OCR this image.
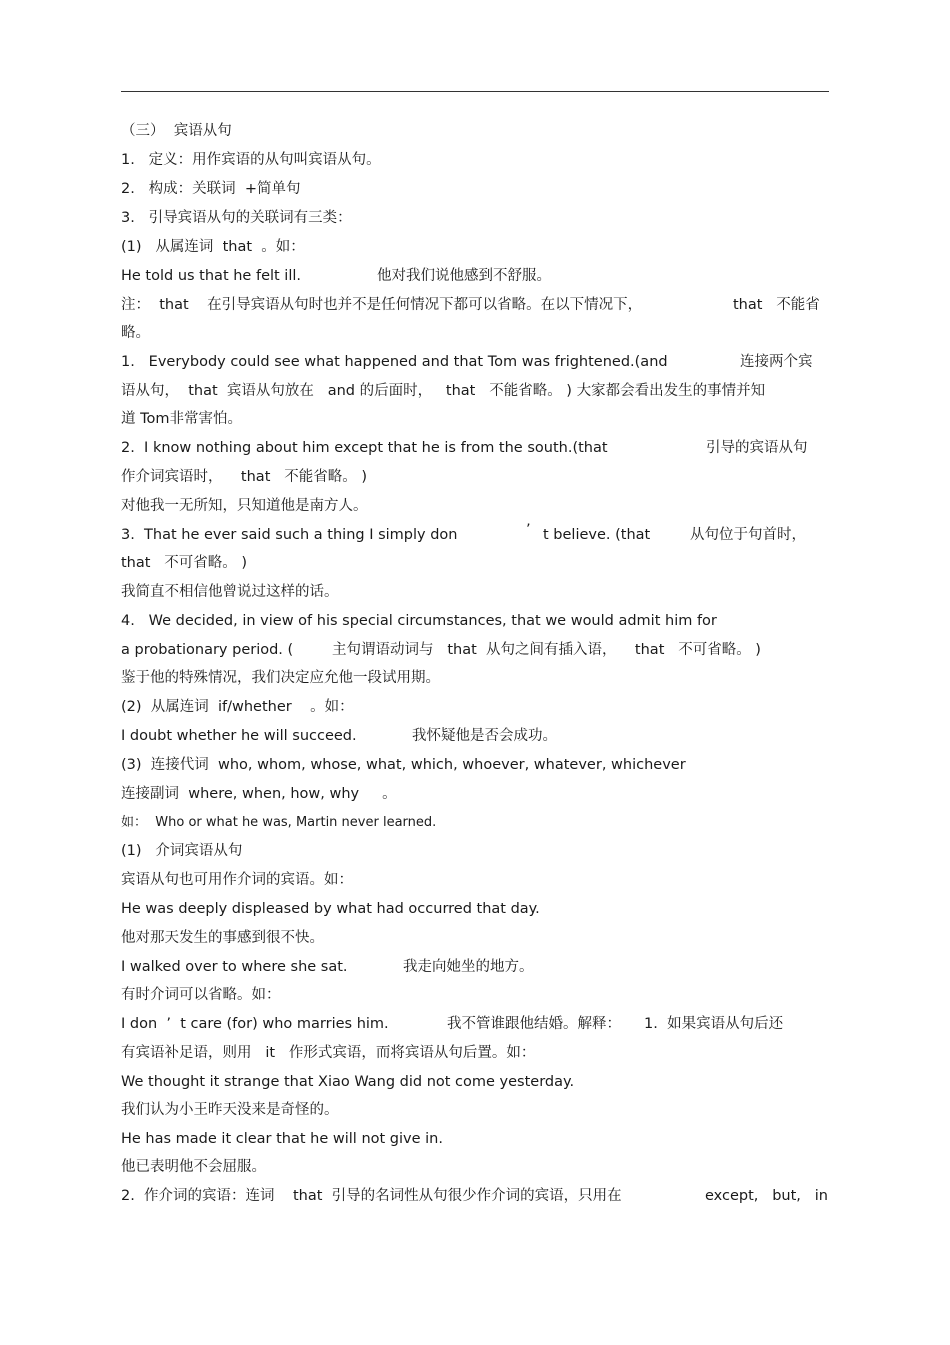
（三）  宾语从句
1.   定义：用作宾语的从句叫宾语从句。
2.   构成：关联词  +简单句
3.   引导宾语从句的关联词有三类：
(1)   从属连词  that  。如：
He told us that he felt ill.	他对我们说他感到不舒服。
注：  that    在引导宾语从句时也并不是任何情况下都可以省略。在以下情况下，	that   不能省
略。
1.   Everybody could see what happened and that Tom was frightened.(and	连接两个宾
语从句，  that  宾语从句放在   and 的后面时，   that   不能省略。 ) 大家都会看出发生的事情并知
道 Tom非常害怕。
2.  I know nothing about him except that he is from the south.(that	引导的宾语从句
作介词宾语时，    that   不能省略。 )
对他我一无所知，只知道他是南方人。
3.  That he ever said such a thing I simply don	’ t believe. (that	从句位于句首时，
that   不可省略。 )
我简直不相信他曾说过这样的话。
4.   We decided, in view of his special circumstances, that we would admit him for
a probationary period. (	主句谓语动词与   that  从句之间有插入语，    that   不可省略。 )
鉴于他的特殊情况，我们决定应允他一段试用期。
(2)  从属连词  if/whether    。如：
I doubt whether he will succeed.	我怀疑他是否会成功。
(3)  连接代词  who, whom, whose, what, which, whoever, whatever, whichever
连接副词  where, when, how, why     。
如：  Who or what he was, Martin never learned.
(1)   介词宾语从句
宾语从句也可用作介词的宾语。如：
He was deeply displeased by what had occurred that day.
他对那天发生的事感到很不快。
I walked over to where she sat.	我走向她坐的地方。
有时介词可以省略。如：
I don  ’  t care (for) who marries him.	我不管谁跟他结婚。解释：     1.  如果宾语从句后还
有宾语补足语，则用   it   作形式宾语，而将宾语从句后置。如：
We thought it strange that Xiao Wang did not come yesterday.
我们认为小王昨天没来是奇怪的。
He has made it clear that he will not give in.
他已表明他不会屈服。
2.  作介词的宾语：连词    that  引导的名词性从句很少作介词的宾语，只用在	except,   but,   in
